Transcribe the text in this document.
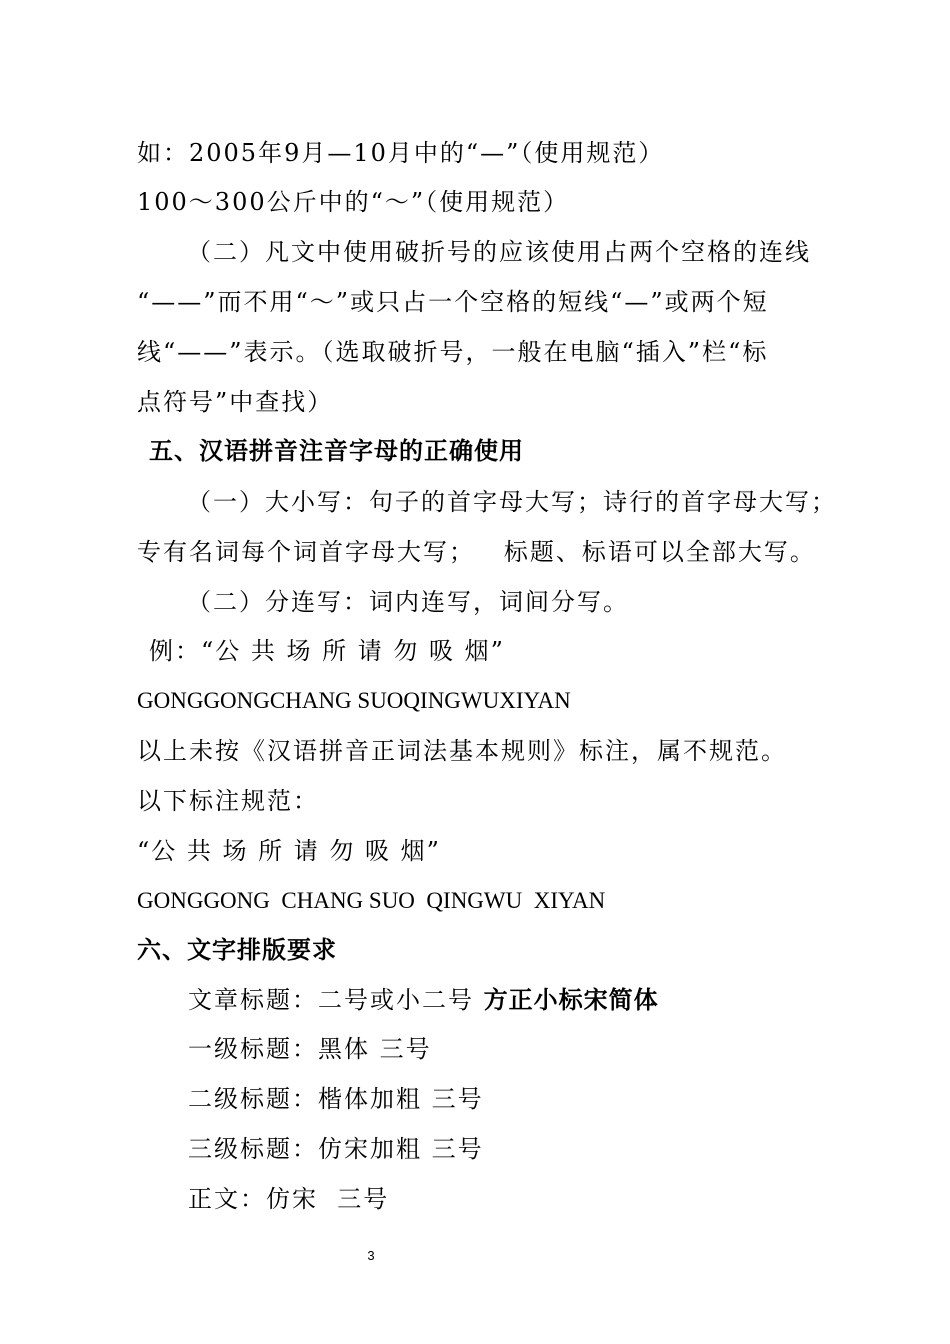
如：2005年9月—10月中的“—”（使用规范）
100～300公斤中的“～”（使用规范）
（二）凡文中使用破折号的应该使用占两个空格的连线
“——”而不用“～”或只占一个空格的短线“—”或两个短
线“——”表示。（选取破折号，一般在电脑“插入”栏“标
点符号”中查找）
五、汉语拼音注音字母的正确使用
（一）大小写：句子的首字母大写；诗行的首字母大写；
专有名词每个词首字母大写；   标题、标语可以全部大写。
（二）分连写：词内连写，词间分写。
例：“公 共 场 所 请 勿 吸 烟”
GONGGONGCHANG SUOQINGWUXIYAN
以上未按《汉语拼音正词法基本规则》标注，属不规范。
以下标注规范：
“公 共 场 所 请 勿 吸 烟”
GONGGONG  CHANG SUO  QINGWU  XIYAN
六、文字排版要求
文章标题：二号或小二号 方正小标宋简体
一级标题：黑体 三号
二级标题：楷体加粗 三号
三级标题：仿宋加粗 三号
正文：仿宋  三号
3
